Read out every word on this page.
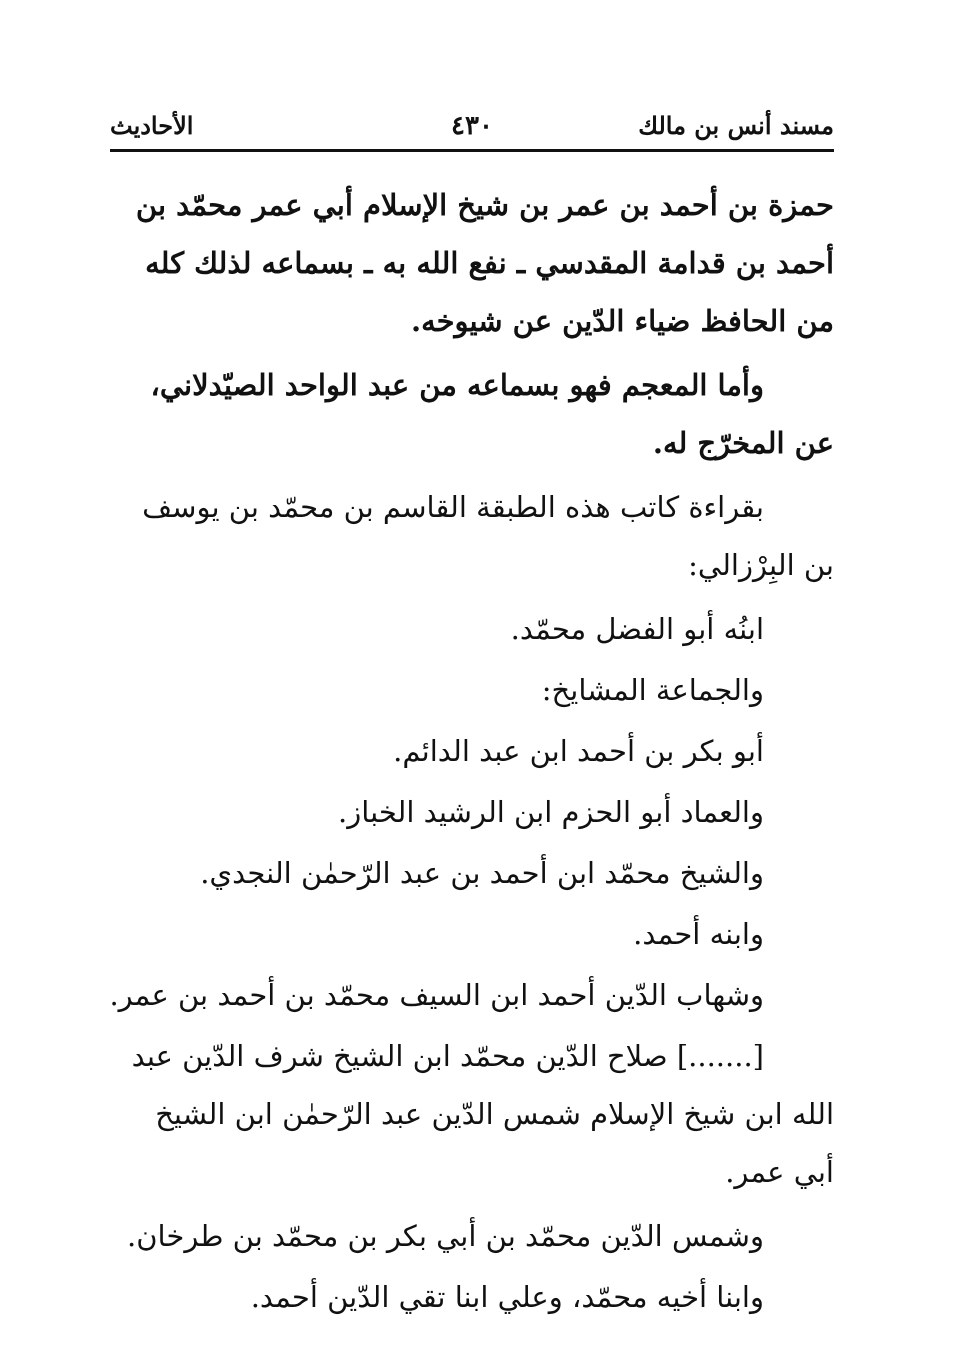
مسند أنس بن مالك
٤٣٠
الأحاديث

حمزة بن أحمد بن عمر بن شيخ الإسلام أبي عمر محمّد بن أحمد بن قدامة المقدسي ـ نفع الله به ـ بسماعه لذلك كله من الحافظ ضياء الدّين عن شيوخه.

وأما المعجم فهو بسماعه من عبد الواحد الصيّدلاني، عن المخرّج له.

بقراءة كاتب هذه الطبقة القاسم بن محمّد بن يوسف بن البِرْزالي:

ابنُه أبو الفضل محمّد.

والجماعة المشايخ:

أبو بكر بن أحمد ابن عبد الدائم.

والعماد أبو الحزم ابن الرشيد الخباز.

والشيخ محمّد ابن أحمد بن عبد الرّحمٰن النجدي.

وابنه أحمد.

وشهاب الدّين أحمد ابن السيف محمّد بن أحمد بن عمر.

[.......] صلاح الدّين محمّد ابن الشيخ شرف الدّين عبد الله ابن شيخ الإسلام شمس الدّين عبد الرّحمٰن ابن الشيخ أبي عمر.

وشمس الدّين محمّد بن أبي بكر بن محمّد بن طرخان.

وابنا أخيه محمّد، وعلي ابنا تقي الدّين أحمد.
